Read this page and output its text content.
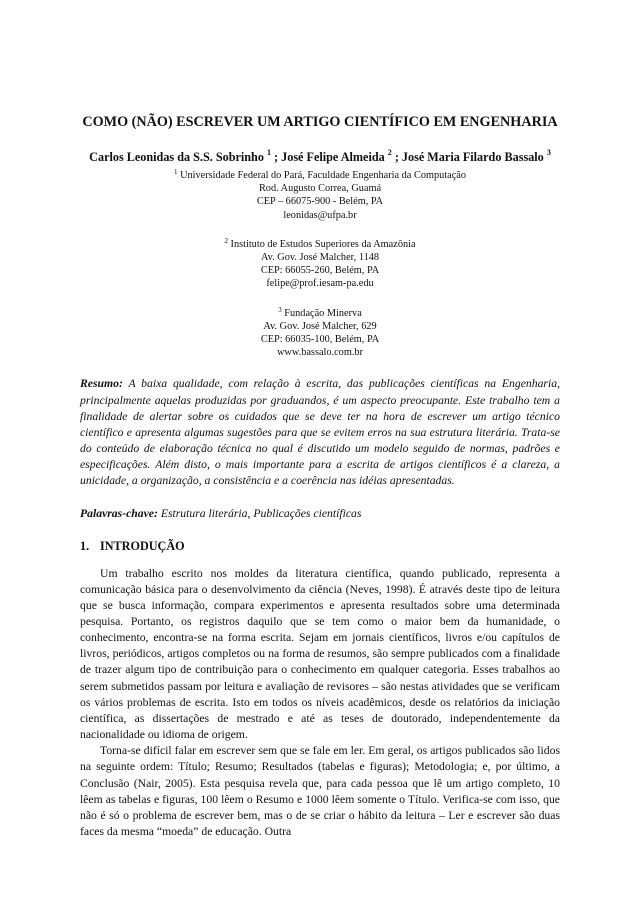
COMO (NÃO) ESCREVER UM ARTIGO CIENTÍFICO EM ENGENHARIA
Carlos Leonidas da S.S. Sobrinho $^1$ ; José Felipe Almeida $^2$ ; José Maria Filardo Bassalo $^3$
$^1$ Universidade Federal do Pará, Faculdade Engenharia da Computação
Rod. Augusto Correa, Guamá
CEP – 66075-900 - Belém, PA
leonidas@ufpa.br
$^2$ Instituto de Estudos Superiores da Amazônia
Av. Gov. José Malcher, 1148
CEP: 66055-260, Belém, PA
felipe@prof.iesam-pa.edu
$^3$ Fundação Minerva
Av. Gov. José Malcher, 629
CEP: 66035-100, Belém, PA
www.bassalo.com.br

Resumo: A baixa qualidade, com relação à escrita, das publicações científicas na Engenharia, principalmente aquelas produzidas por graduandos, é um aspecto preocupante. Este trabalho tem a finalidade de alertar sobre os cuidados que se deve ter na hora de escrever um artigo técnico científico e apresenta algumas sugestões para que se evitem erros na sua estrutura literária. Trata-se do conteúdo de elaboração técnica no qual é discutido um modelo seguido de normas, padrões e especificações. Além disto, o mais importante para a escrita de artigos científicos é a clareza, a unicidade, a organização, a consistência e a coerência nas idéias apresentadas.

Palavras-chave: Estrutura literária, Publicações científicas

1. INTRODUÇÃO

Um trabalho escrito nos moldes da literatura científica, quando publicado, representa a comunicação básica para o desenvolvimento da ciência (Neves, 1998). É através deste tipo de leitura que se busca informação, compara experimentos e apresenta resultados sobre uma determinada pesquisa. Portanto, os registros daquilo que se tem como o maior bem da humanidade, o conhecimento, encontra-se na forma escrita. Sejam em jornais científicos, livros e/ou capítulos de livros, periódicos, artigos completos ou na forma de resumos, são sempre publicados com a finalidade de trazer algum tipo de contribuição para o conhecimento em qualquer categoria. Esses trabalhos ao serem submetidos passam por leitura e avaliação de revisores – são nestas atividades que se verificam os vários problemas de escrita. Isto em todos os níveis acadêmicos, desde os relatórios da iniciação científica, as dissertações de mestrado e até as teses de doutorado, independentemente da nacionalidade ou idioma de origem.

Torna-se difícil falar em escrever sem que se fale em ler. Em geral, os artigos publicados são lidos na seguinte ordem: Título; Resumo; Resultados (tabelas e figuras); Metodologia; e, por último, a Conclusão (Nair, 2005). Esta pesquisa revela que, para cada pessoa que lê um artigo completo, 10 lêem as tabelas e figuras, 100 lêem o Resumo e 1000 lêem somente o Título. Verifica-se com isso, que não é só o problema de escrever bem, mas o de se criar o hábito da leitura – Ler e escrever são duas faces da mesma “moeda” de educação. Outra
